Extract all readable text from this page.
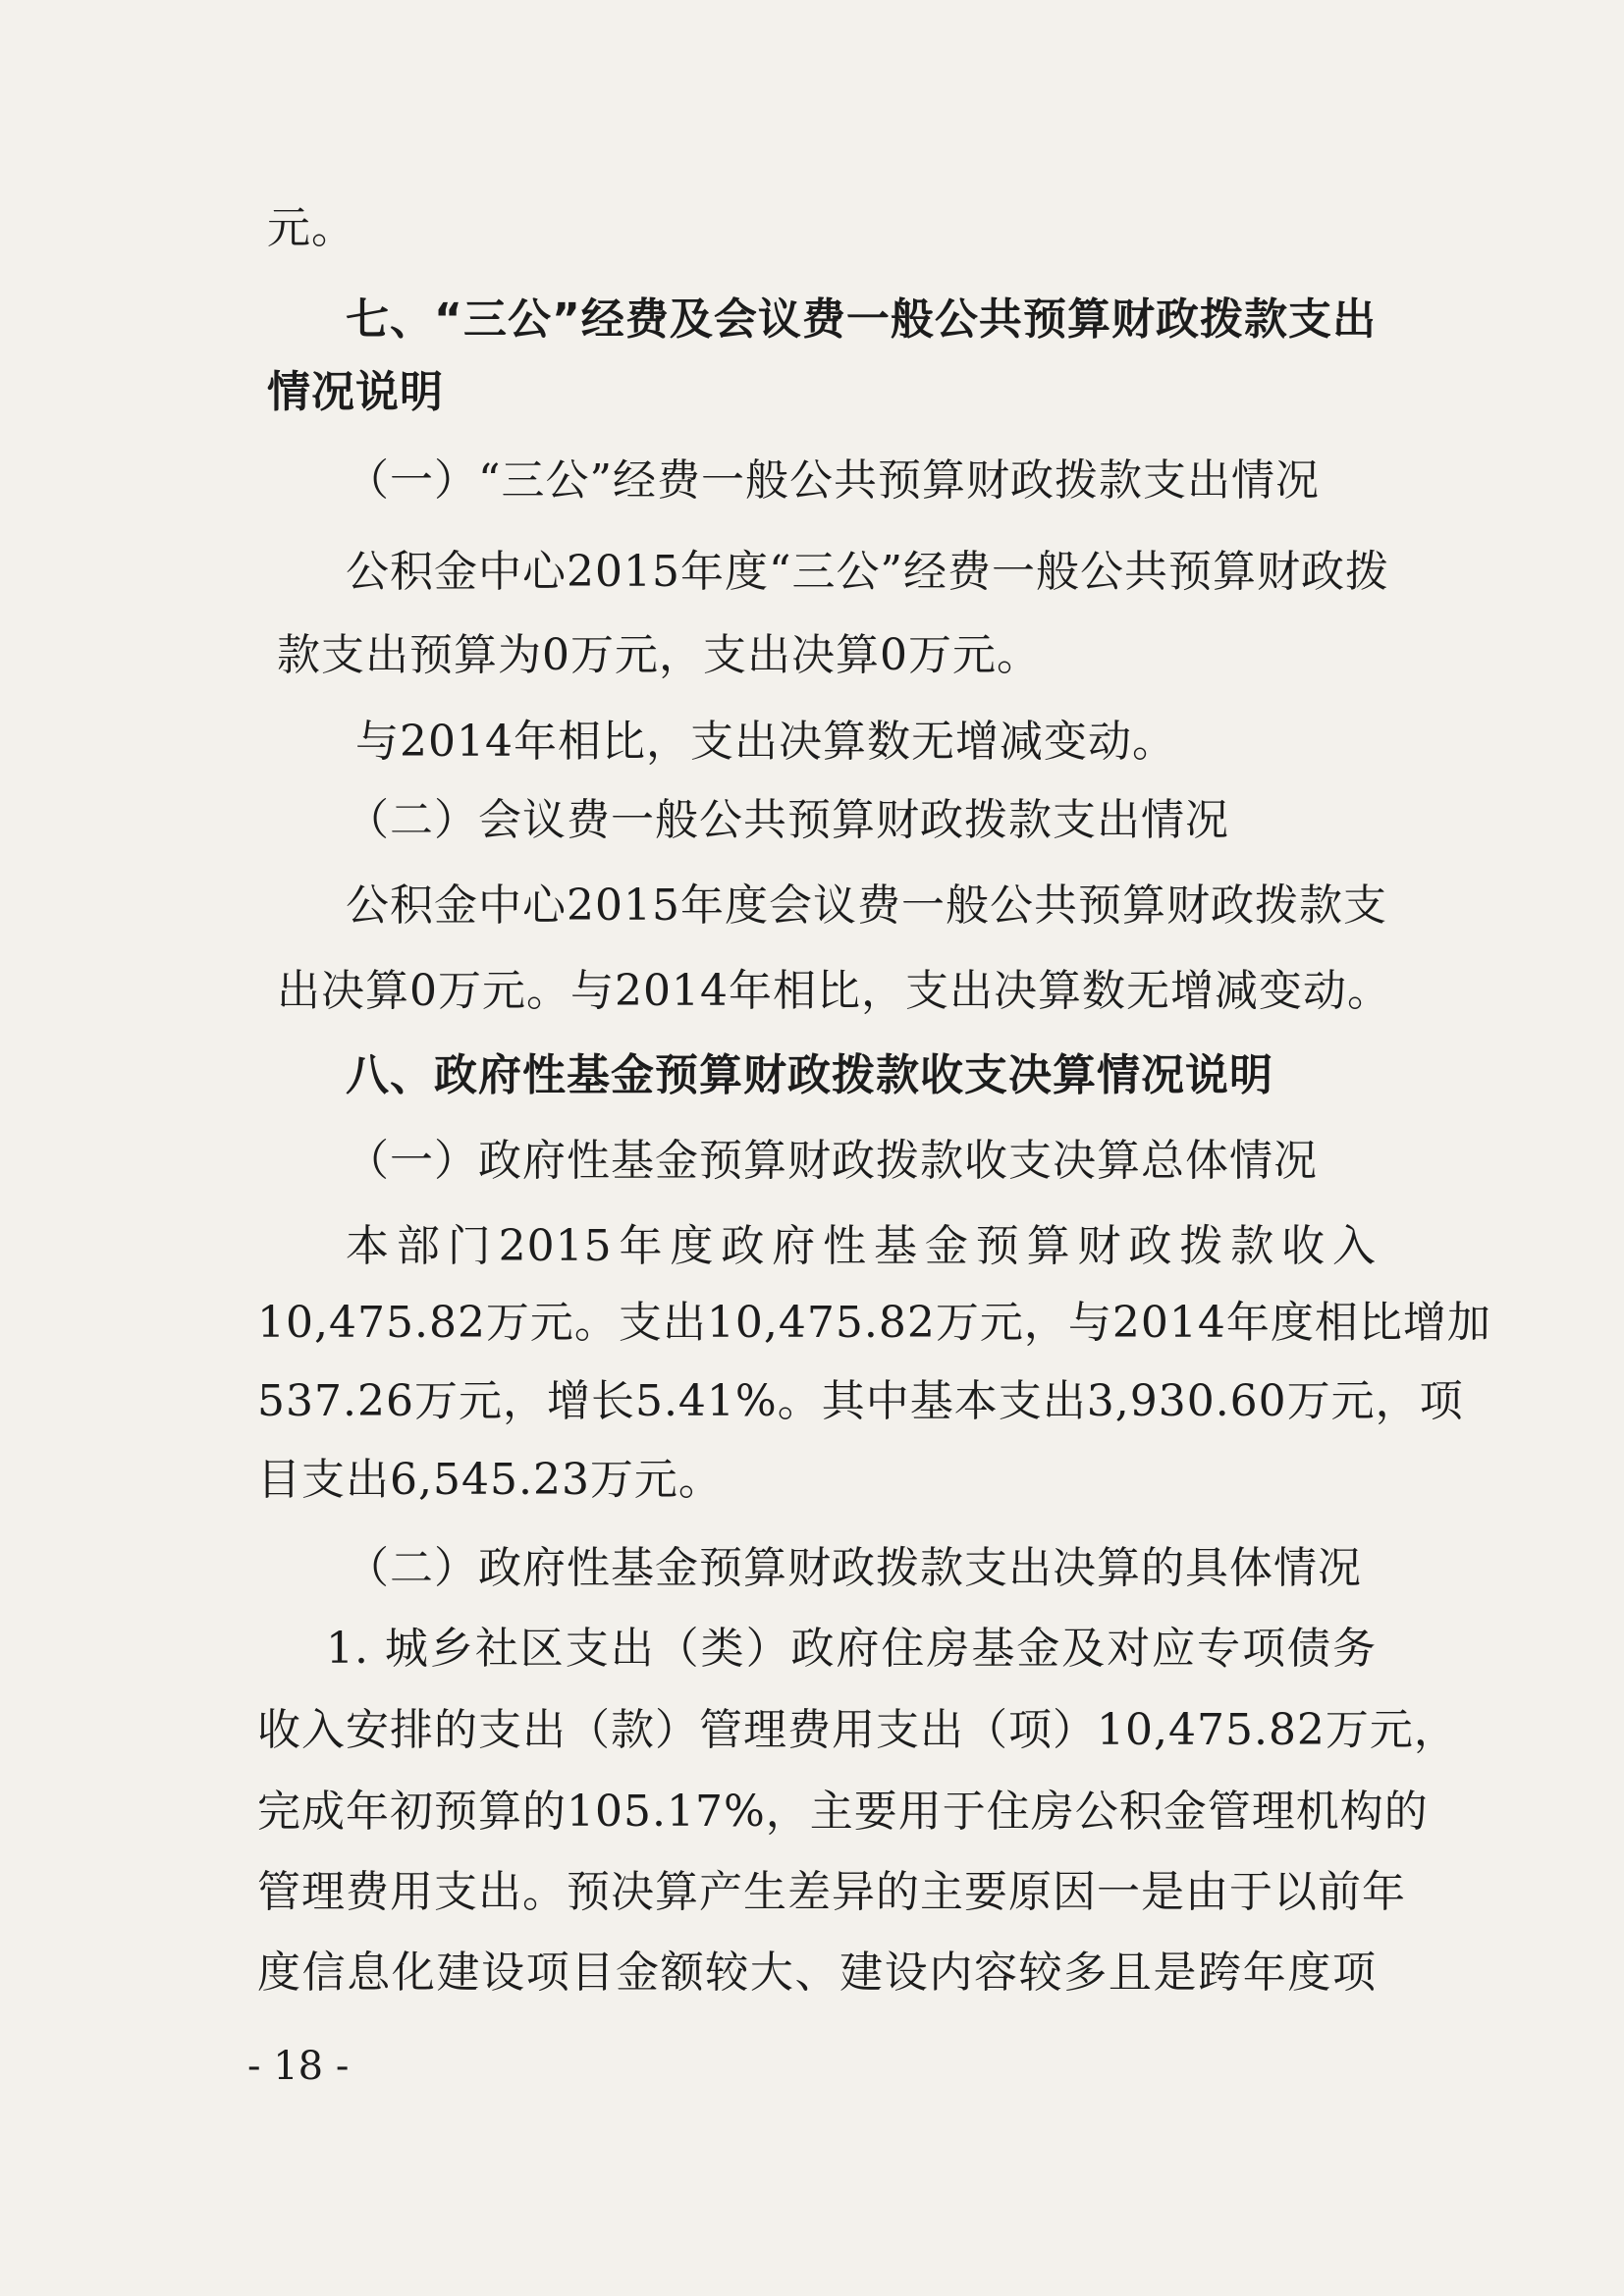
元。
七、“三公”经费及会议费一般公共预算财政拨款支出
情况说明
（一）“三公”经费一般公共预算财政拨款支出情况
公积金中心2015年度“三公”经费一般公共预算财政拨
款支出预算为0万元，支出决算0万元。
与2014年相比，支出决算数无增减变动。
（二）会议费一般公共预算财政拨款支出情况
公积金中心2015年度会议费一般公共预算财政拨款支
出决算0万元。与2014年相比，支出决算数无增减变动。
八、政府性基金预算财政拨款收支决算情况说明
（一）政府性基金预算财政拨款收支决算总体情况
本部门2015年度政府性基金预算财政拨款收入
10,475.82万元。支出10,475.82万元，与2014年度相比增加
537.26万元，增长5.41%。其中基本支出3,930.60万元，项
目支出6,545.23万元。
（二）政府性基金预算财政拨款支出决算的具体情况
1. 城乡社区支出（类）政府住房基金及对应专项债务
收入安排的支出（款）管理费用支出（项）10,475.82万元，
完成年初预算的105.17%，主要用于住房公积金管理机构的
管理费用支出。预决算产生差异的主要原因一是由于以前年
度信息化建设项目金额较大、建设内容较多且是跨年度项
- 18 -
